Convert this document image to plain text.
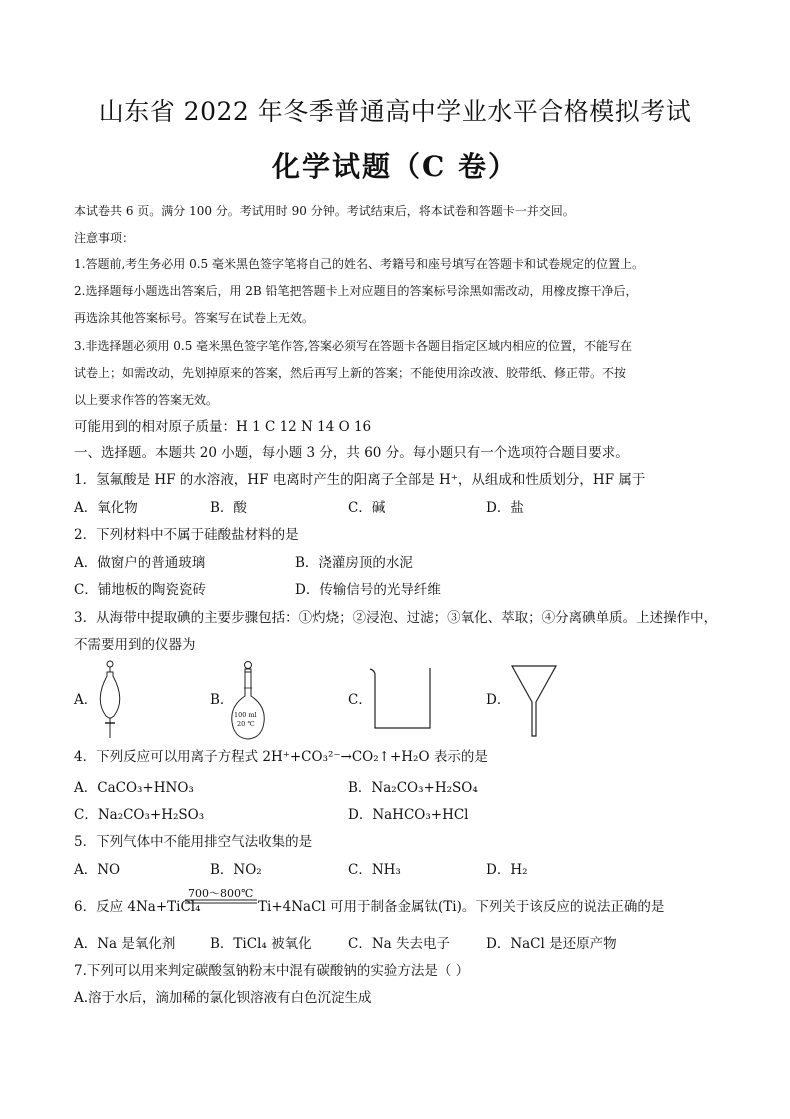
山东省 2022 年冬季普通高中学业水平合格模拟考试
化学试题（C 卷）
本试卷共 6 页。满分 100 分。考试用时 90 分钟。考试结束后，将本试卷和答题卡一并交回。
注意事项：
1.答题前,考生务必用 0.5 毫米黑色签字笔将自己的姓名、考籍号和座号填写在答题卡和试卷规定的位置上。
2.选择题每小题选出答案后，用 2B 铅笔把答题卡上对应题目的答案标号涂黑如需改动，用橡皮擦干净后，
再选涂其他答案标号。答案写在试卷上无效。
3.非选择题必须用 0.5 毫米黑色签字笔作答,答案必须写在答题卡各题目指定区域内相应的位置，不能写在
试卷上；如需改动，先划掉原来的答案，然后再写上新的答案；不能使用涂改液、胶带纸、修正带。不按
以上要求作答的答案无效。
可能用到的相对原子质量：H 1 C 12 N 14 O 16
一、选择题。本题共 20 小题，每小题 3 分，共 60 分。每小题只有一个选项符合题目要求。
1．氢氟酸是 HF 的水溶液，HF 电离时产生的阳离子全部是 H⁺，从组成和性质划分，HF 属于
A．氧化物	B．酸	C．碱	D．盐
2．下列材料中不属于硅酸盐材料的是
A．做窗户的普通玻璃	B．浇灌房顶的水泥
C．铺地板的陶瓷瓷砖	D．传输信号的光导纤维
3．从海带中提取碘的主要步骤包括：①灼烧；②浸泡、过滤；③氧化、萃取；④分离碘单质。上述操作中，
不需要用到的仪器为
A．	B．
100 ml
20 ℃
C．	D．
4．下列反应可以用离子方程式 2H⁺+CO₃²⁻→CO₂↑+H₂O 表示的是
A．CaCO₃+HNO₃	B．Na₂CO₃+H₂SO₄
C．Na₂CO₃+H₂SO₃	D．NaHCO₃+HCl
5．下列气体中不能用排空气法收集的是
A．NO	B．NO₂	C．NH₃	D．H₂
6．反应 4Na+TiCl₄
700～800℃
Ti+4NaCl 可用于制备金属钛(Ti)。下列关于该反应的说法正确的是
A．Na 是氧化剂	B．TiCl₄ 被氧化	C．Na 失去电子	D．NaCl 是还原产物
7.下列可以用来判定碳酸氢钠粉末中混有碳酸钠的实验方法是（ ）
A.溶于水后，滴加稀的氯化钡溶液有白色沉淀生成
